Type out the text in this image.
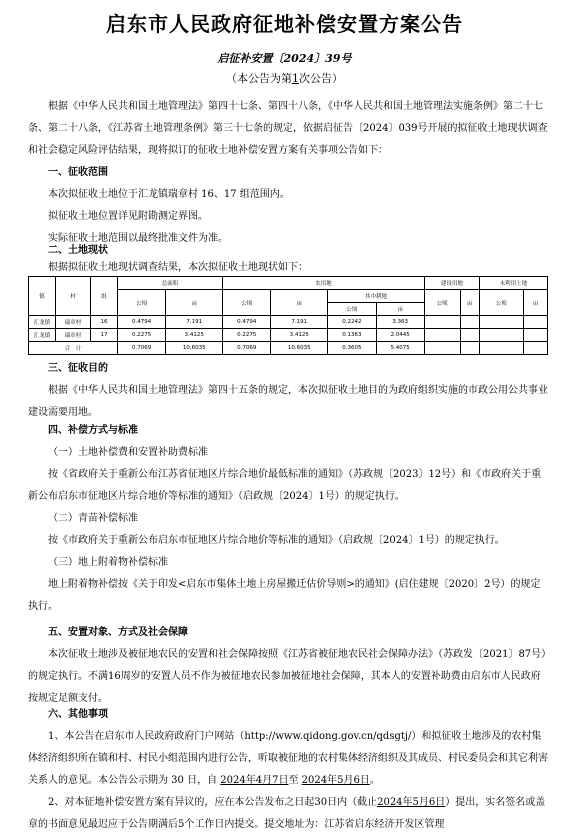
启东市人民政府征地补偿安置方案公告
启征补安置〔2024〕39号
（本公告为第1次公告）

根据《中华人民共和国土地管理法》第四十七条、第四十八条，《中华人民共和国土地管理法实施条例》第二十七条、第二十八条，《江苏省土地管理条例》第三十七条的规定，依据启征告〔2024〕039号开展的拟征收土地现状调查和社会稳定风险评估结果，现将拟订的征收土地补偿安置方案有关事项公告如下：

一、征收范围

本次拟征收土地位于汇龙镇瑞章村 16、17 组范围内。

拟征收土地位置详见附勘测定界图。

实际征收土地范围以最终批准文件为准。

二、土地现状

根据拟征收土地现状调查结果，本次拟征收土地现状如下：

镇	村	组	总面积		农用地				建设用地		未利用土地	
			公顷	亩	公顷	亩	其中耕地		公顷	亩	公顷	亩
							公顷	亩				
汇龙镇	瑞章村	16	0.4794	7.191	0.4794	7.191	0.2242	3.363				
汇龙镇	瑞章村	17	0.2275	3.4125	0.2275	3.4125	0.1363	2.0445				
合　计			0.7069	10.6035	0.7069	10.6035	0.3605	5.4075				

三、征收目的

根据《中华人民共和国土地管理法》第四十五条的规定，本次拟征收土地目的为政府组织实施的市政公用公共事业建设需要用地。

四、补偿方式与标准

（一）土地补偿费和安置补助费标准

按《省政府关于重新公布江苏省征地区片综合地价最低标准的通知》（苏政规〔2023〕12号）和《市政府关于重新公布启东市征地区片综合地价等标准的通知》（启政规〔2024〕1号）的规定执行。

（二）青苗补偿标准

按《市政府关于重新公布启东市征地区片综合地价等标准的通知》（启政规〔2024〕1号）的规定执行。

（三）地上附着物补偿标准

地上附着物补偿按《关于印发<启东市集体土地上房屋搬迁估价导则>的通知》(启住建规〔2020〕2号）的规定执行。

五、安置对象、方式及社会保障

本次征收土地涉及被征地农民的安置和社会保障按照《江苏省被征地农民社会保障办法》（苏政发〔2021〕87号）的规定执行。不满16周岁的安置人员不作为被征地农民参加被征地社会保障，其本人的安置补助费由启东市人民政府按规定足额支付。

六、其他事项

1、本公告在启东市人民政府政府门户网站（http://www.qidong.gov.cn/qdsgtj/）和拟征收土地涉及的农村集体经济组织所在镇和村、村民小组范围内进行公告，听取被征地的农村集体经济组织及其成员、村民委员会和其它利害关系人的意见。本公告公示期为 30 日，自 2024年4月7日至 2024年5月6日。

2、对本征地补偿安置方案有异议的，应在本公告发布之日起30日内（截止2024年5月6日）提出，实名签名或盖章的书面意见最迟应于公告期满后5个工作日内提交。提交地址为：江苏省启东经济开发区管理
